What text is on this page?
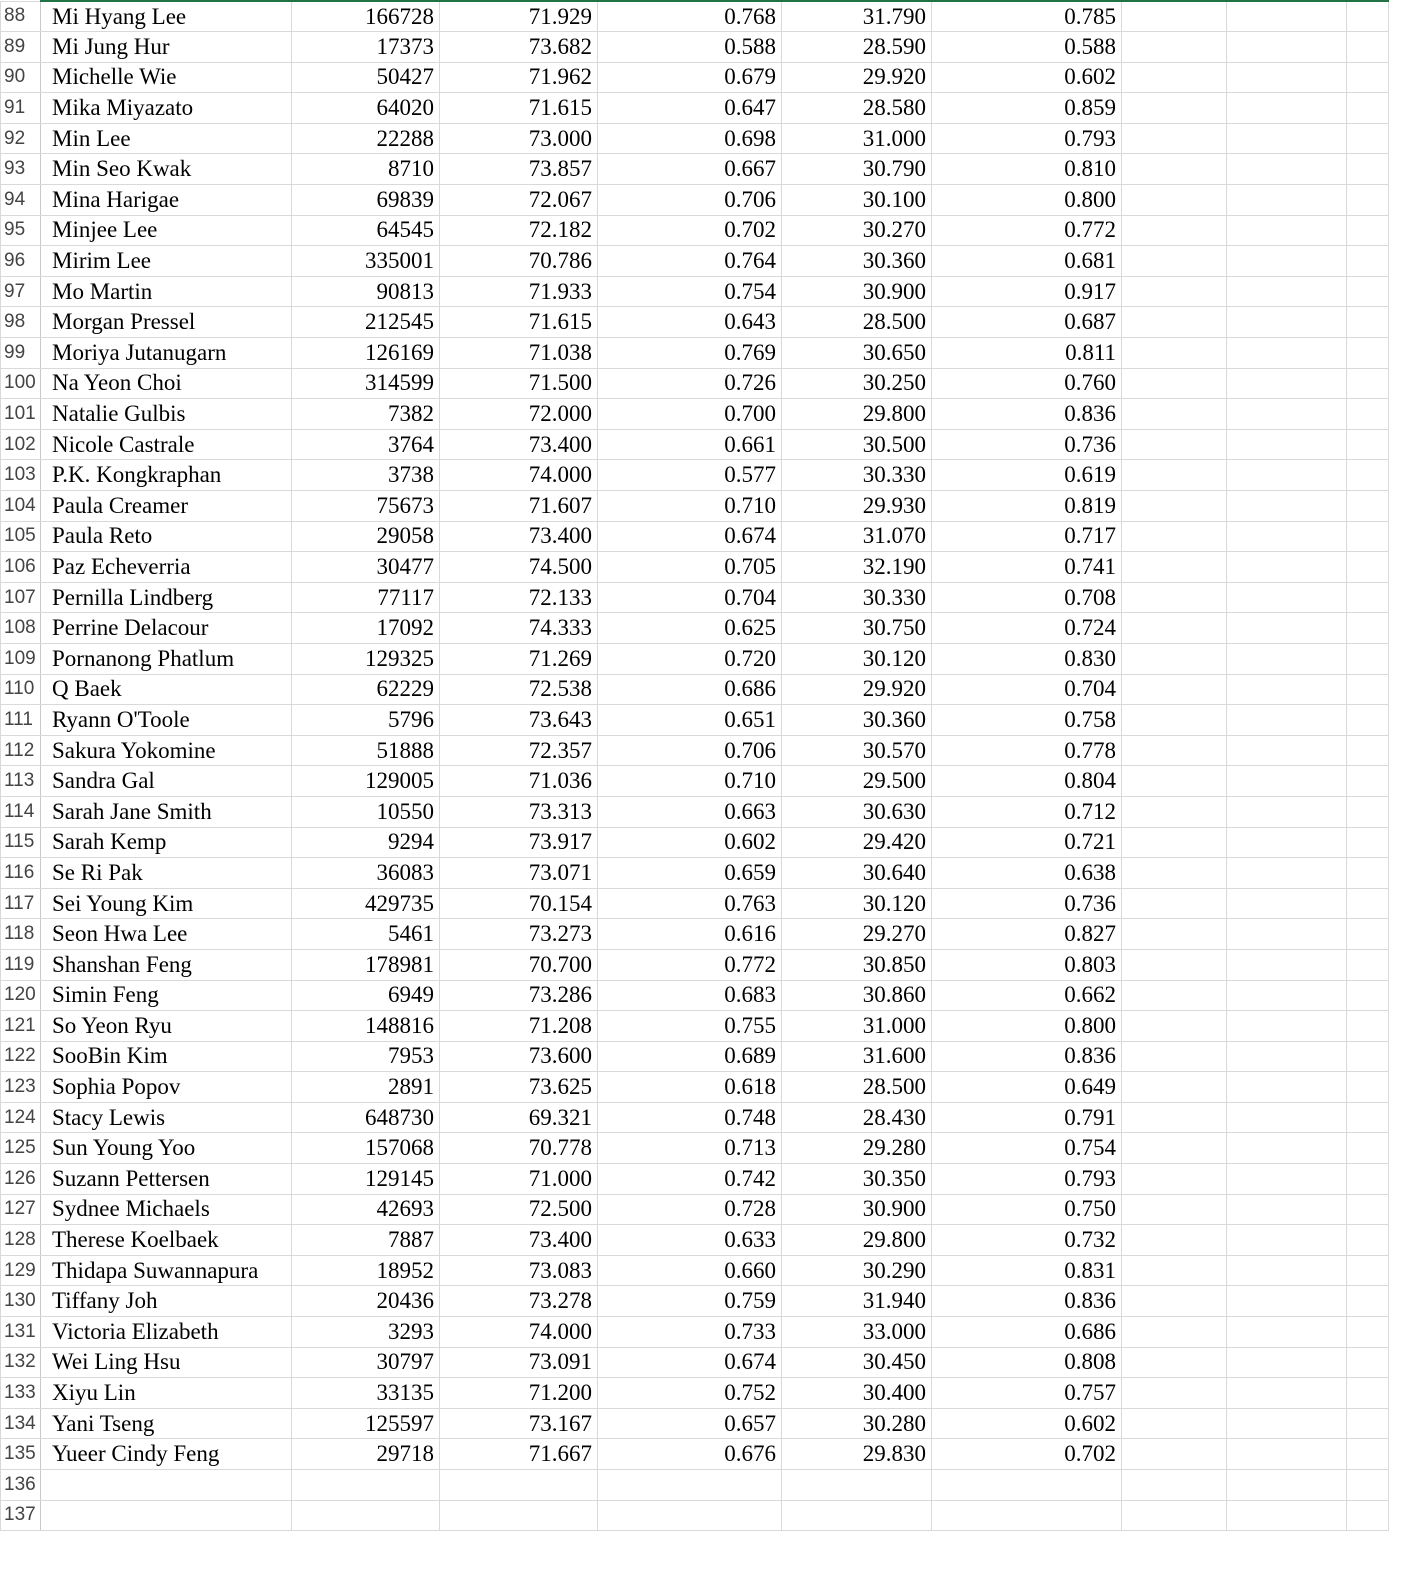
88	Mi Hyang Lee	166728	71.929	0.768	31.790	0.785			
89	Mi Jung Hur	17373	73.682	0.588	28.590	0.588			
90	Michelle Wie	50427	71.962	0.679	29.920	0.602			
91	Mika Miyazato	64020	71.615	0.647	28.580	0.859			
92	Min Lee	22288	73.000	0.698	31.000	0.793			
93	Min Seo Kwak	8710	73.857	0.667	30.790	0.810			
94	Mina Harigae	69839	72.067	0.706	30.100	0.800			
95	Minjee Lee	64545	72.182	0.702	30.270	0.772			
96	Mirim Lee	335001	70.786	0.764	30.360	0.681			
97	Mo Martin	90813	71.933	0.754	30.900	0.917			
98	Morgan Pressel	212545	71.615	0.643	28.500	0.687			
99	Moriya Jutanugarn	126169	71.038	0.769	30.650	0.811			
100	Na Yeon Choi	314599	71.500	0.726	30.250	0.760			
101	Natalie Gulbis	7382	72.000	0.700	29.800	0.836			
102	Nicole Castrale	3764	73.400	0.661	30.500	0.736			
103	P.K. Kongkraphan	3738	74.000	0.577	30.330	0.619			
104	Paula Creamer	75673	71.607	0.710	29.930	0.819			
105	Paula Reto	29058	73.400	0.674	31.070	0.717			
106	Paz Echeverria	30477	74.500	0.705	32.190	0.741			
107	Pernilla Lindberg	77117	72.133	0.704	30.330	0.708			
108	Perrine Delacour	17092	74.333	0.625	30.750	0.724			
109	Pornanong Phatlum	129325	71.269	0.720	30.120	0.830			
110	Q Baek	62229	72.538	0.686	29.920	0.704			
111	Ryann O'Toole	5796	73.643	0.651	30.360	0.758			
112	Sakura Yokomine	51888	72.357	0.706	30.570	0.778			
113	Sandra Gal	129005	71.036	0.710	29.500	0.804			
114	Sarah Jane Smith	10550	73.313	0.663	30.630	0.712			
115	Sarah Kemp	9294	73.917	0.602	29.420	0.721			
116	Se Ri Pak	36083	73.071	0.659	30.640	0.638			
117	Sei Young Kim	429735	70.154	0.763	30.120	0.736			
118	Seon Hwa Lee	5461	73.273	0.616	29.270	0.827			
119	Shanshan Feng	178981	70.700	0.772	30.850	0.803			
120	Simin Feng	6949	73.286	0.683	30.860	0.662			
121	So Yeon Ryu	148816	71.208	0.755	31.000	0.800			
122	SooBin Kim	7953	73.600	0.689	31.600	0.836			
123	Sophia Popov	2891	73.625	0.618	28.500	0.649			
124	Stacy Lewis	648730	69.321	0.748	28.430	0.791			
125	Sun Young Yoo	157068	70.778	0.713	29.280	0.754			
126	Suzann Pettersen	129145	71.000	0.742	30.350	0.793			
127	Sydnee Michaels	42693	72.500	0.728	30.900	0.750			
128	Therese Koelbaek	7887	73.400	0.633	29.800	0.732			
129	Thidapa Suwannapura	18952	73.083	0.660	30.290	0.831			
130	Tiffany Joh	20436	73.278	0.759	31.940	0.836			
131	Victoria Elizabeth	3293	74.000	0.733	33.000	0.686			
132	Wei Ling Hsu	30797	73.091	0.674	30.450	0.808			
133	Xiyu Lin	33135	71.200	0.752	30.400	0.757			
134	Yani Tseng	125597	73.167	0.657	30.280	0.602			
135	Yueer Cindy Feng	29718	71.667	0.676	29.830	0.702			
136									
137									
